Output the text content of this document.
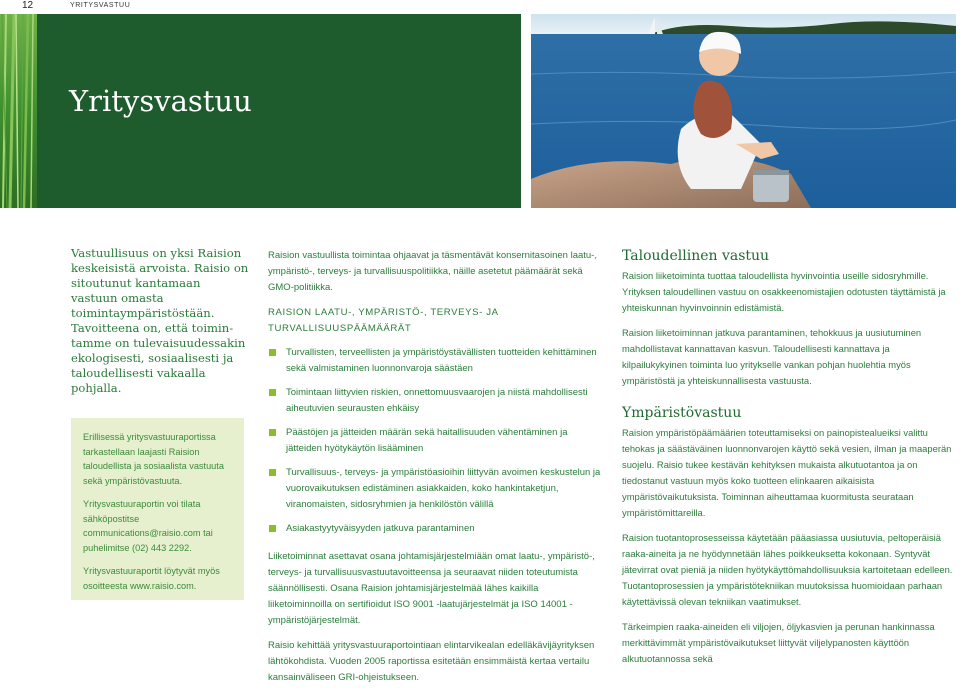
12	YRITYSVASTUU
Yritysvastuu

Vastuullisuus on yksi Raision keskeisistä arvoista. Raisio on sitoutunut kantamaan vastuun omasta toimintaympäristöstään. Tavoitteena on, että toimintamme on tulevaisuudessakin ekologisesti, sosiaalisesti ja taloudellisesti vakaalla pohjalla.

Erillisessä yritysvastuuraportissa tarkastellaan laajasti Raision taloudellista ja sosiaalista vastuuta sekä ympäristövastuuta.

Yritysvastuuraportin voi tilata sähköpostitse communications@raisio.com tai puhelimitse (02) 443 2292.

Yritysvastuuraportit löytyvät myös osoitteesta www.raisio.com.

Raision vastuullista toimintaa ohjaavat ja täsmentävät konsernitasoinen laatu-, ympäristö-, terveys- ja turvallisuuspolitiikka, näille asetetut päämäärät sekä GMO-politiikka.

RAISION LAATU-, YMPÄRISTÖ-, TERVEYS- JA TURVALLISUUSPÄÄMÄÄRÄT

Turvallisten, terveellisten ja ympäristöystävällisten tuotteiden kehittäminen sekä valmistaminen luonnonvaroja säästäen
Toimintaan liittyvien riskien, onnettomuusvaarojen ja niistä mahdollisesti aiheutuvien seurausten ehkäisy
Päästöjen ja jätteiden määrän sekä haitallisuuden vähentäminen ja jätteiden hyötykäytön lisääminen
Turvallisuus-, terveys- ja ympäristöasioihin liittyvän avoimen keskustelun ja vuorovaikutuksen edistäminen asiakkaiden, koko hankintaketjun, viranomaisten, sidosryhmien ja henkilöstön välillä
Asiakastyytyväisyyden jatkuva parantaminen

Liiketoiminnat asettavat osana johtamisjärjestelmiään omat laatu-, ympäristö-, terveys- ja turvallisuusvastuutavoitteensa ja seuraavat niiden toteutumista säännöllisesti. Osana Raision johtamisjärjestelmää lähes kaikilla liiketoiminnoilla on sertifioidut ISO 9001 -laatujärjestelmät ja ISO 14001 -ympäristöjärjestelmät.

Raisio kehittää yritysvastuuraportointiaan elintarvikealan edelläkävijäyrityksen lähtökohdista. Vuoden 2005 raportissa esitetään ensimmäistä kertaa vertailu kansainväliseen GRI-ohjeistukseen.

Taloudellinen vastuu

Raision liiketoiminta tuottaa taloudellista hyvinvointia useille sidosryhmille. Yrityksen taloudellinen vastuu on osakkeenomistajien odotusten täyttämistä ja yhteiskunnan hyvinvoinnin edistämistä.

Raision liiketoiminnan jatkuva parantaminen, tehokkuus ja uusiutuminen mahdollistavat kannattavan kasvun. Taloudellisesti kannattava ja kilpailukykyinen toiminta luo yritykselle vankan pohjan huolehtia myös ympäristöstä ja yhteiskunnallisesta vastuusta.

Ympäristövastuu

Raision ympäristöpäämäärien toteuttamiseksi on painopistealueiksi valittu tehokas ja säästäväinen luonnonvarojen käyttö sekä vesien, ilman ja maaperän suojelu. Raisio tukee kestävän kehityksen mukaista alkutuotantoa ja on tiedostanut vastuun myös koko tuotteen elinkaaren aikaisista ympäristövaikutuksista. Toiminnan aiheuttamaa kuormitusta seurataan ympäristömittareilla.

Raision tuotantoprosesseissa käytetään pääasiassa uusiutuvia, peltoperäisiä raaka-aineita ja ne hyödynnetään lähes poikkeuksetta kokonaan. Syntyvät jätevirrat ovat pieniä ja niiden hyötykäyttömahdollisuuksia kartoitetaan edelleen. Tuotantoprosessien ja ympäristötekniikan muutoksissa huomioidaan parhaan käytettävissä olevan tekniikan vaatimukset.

Tärkeimpien raaka-aineiden eli viljojen, öljykasvien ja perunan hankinnassa merkittävimmät ympäristövaikutukset liittyvät viljelypanosten käyttöön alkutuotannossa sekä
